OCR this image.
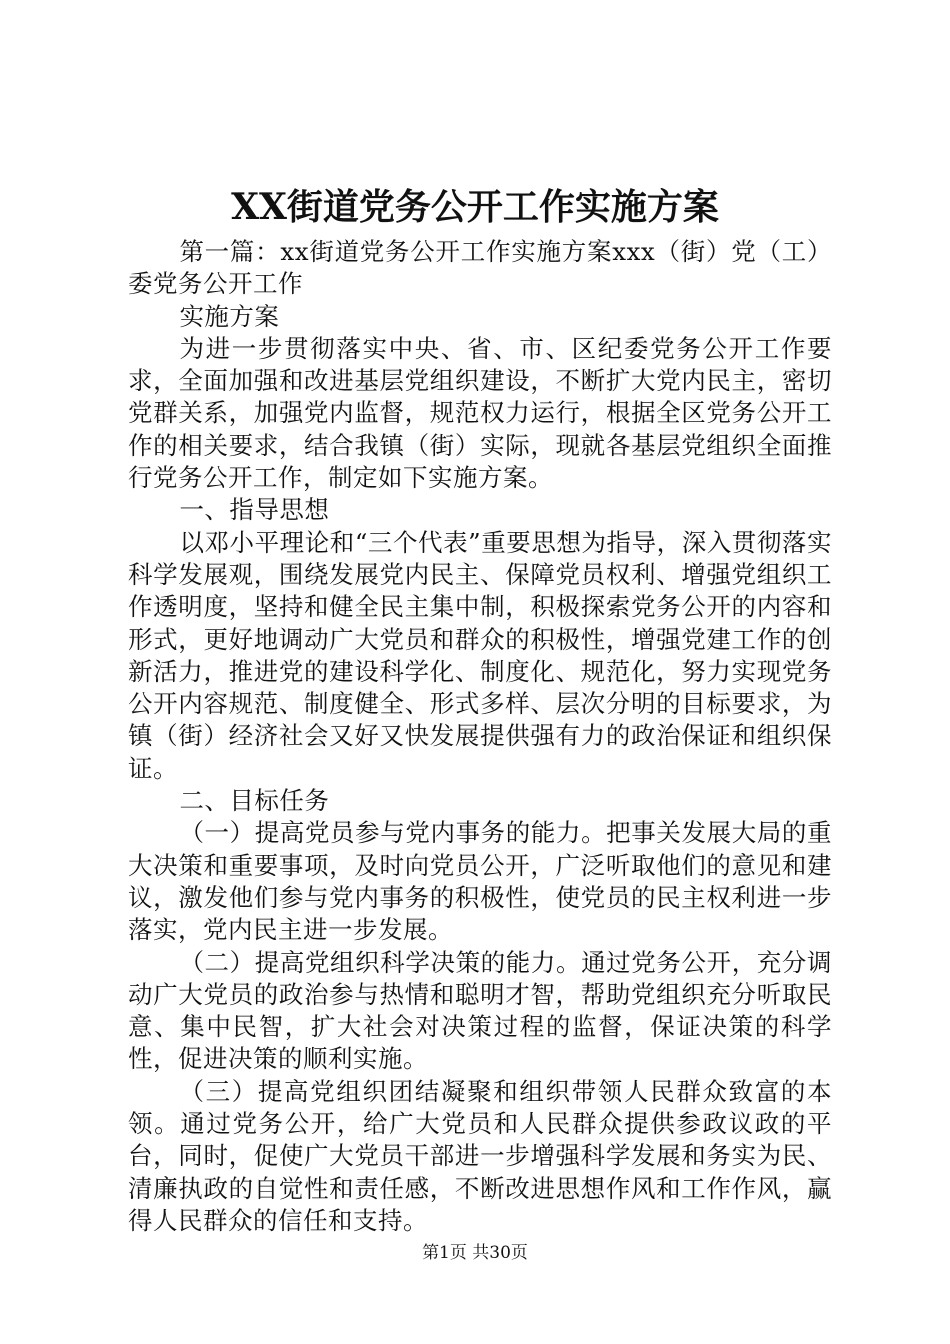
XX街道党务公开工作实施方案

第一篇：xx街道党务公开工作实施方案xxx（街）党（工）委党务公开工作

实施方案

为进一步贯彻落实中央、省、市、区纪委党务公开工作要求，全面加强和改进基层党组织建设，不断扩大党内民主，密切党群关系，加强党内监督，规范权力运行，根据全区党务公开工作的相关要求，结合我镇（街）实际，现就各基层党组织全面推行党务公开工作，制定如下实施方案。

一、指导思想

以邓小平理论和“三个代表”重要思想为指导，深入贯彻落实科学发展观，围绕发展党内民主、保障党员权利、增强党组织工作透明度，坚持和健全民主集中制，积极探索党务公开的内容和形式，更好地调动广大党员和群众的积极性，增强党建工作的创新活力，推进党的建设科学化、制度化、规范化，努力实现党务公开内容规范、制度健全、形式多样、层次分明的目标要求，为镇（街）经济社会又好又快发展提供强有力的政治保证和组织保证。

二、目标任务

（一）提高党员参与党内事务的能力。把事关发展大局的重大决策和重要事项，及时向党员公开，广泛听取他们的意见和建议，激发他们参与党内事务的积极性，使党员的民主权利进一步落实，党内民主进一步发展。

（二）提高党组织科学决策的能力。通过党务公开，充分调动广大党员的政治参与热情和聪明才智，帮助党组织充分听取民意、集中民智，扩大社会对决策过程的监督，保证决策的科学性，促进决策的顺利实施。

（三）提高党组织团结凝聚和组织带领人民群众致富的本领。通过党务公开，给广大党员和人民群众提供参政议政的平台，同时，促使广大党员干部进一步增强科学发展和务实为民、清廉执政的自觉性和责任感，不断改进思想作风和工作作风，赢得人民群众的信任和支持。

第1页 共30页
